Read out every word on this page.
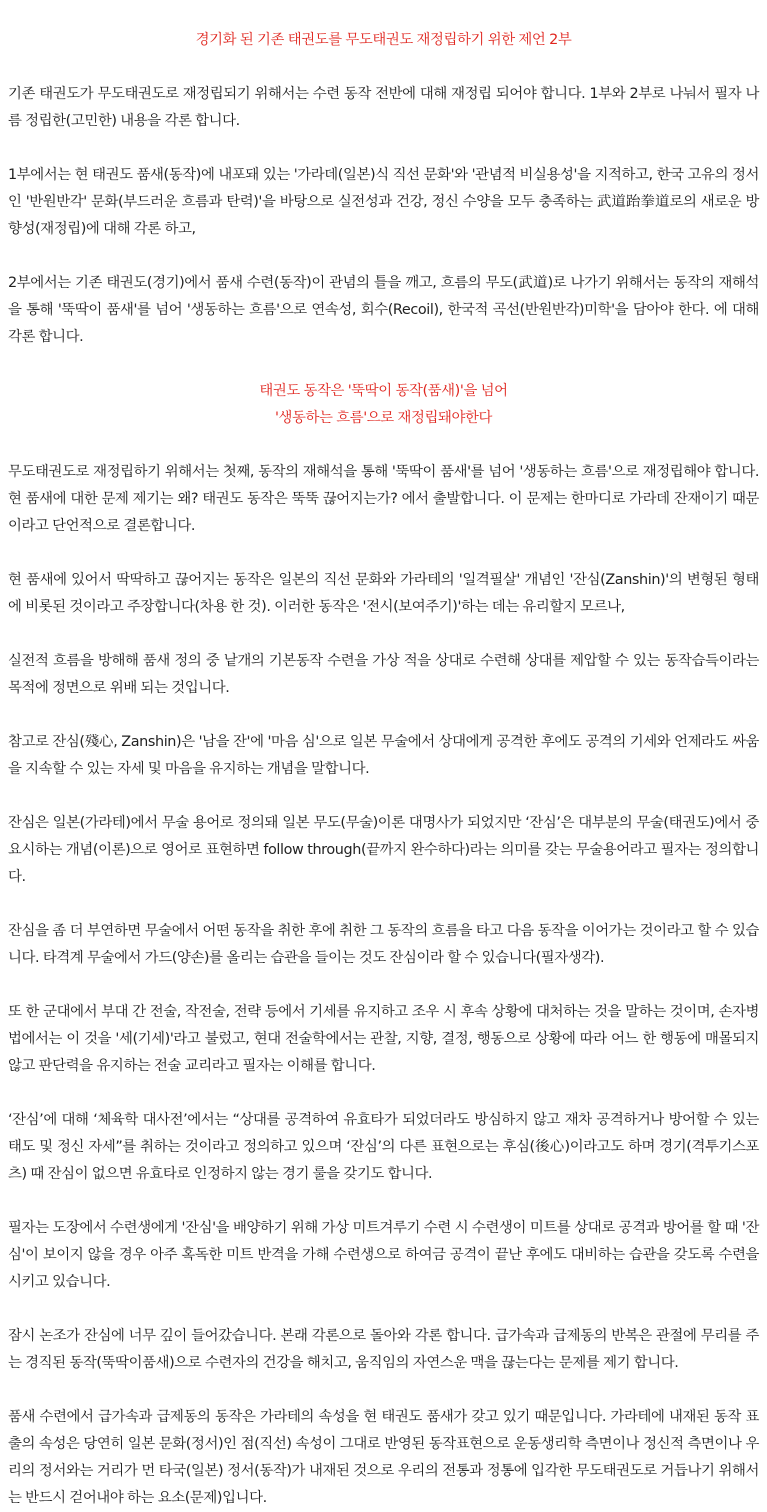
경기화 된 기존 태권도를 무도태권도 재정립하기 위한 제언 2부

기존 태권도가 무도태권도로 재정립되기 위해서는 수련 동작 전반에 대해 재정립 되어야 합니다. 1부와 2부로 나눠서 필자 나름 정립한(고민한) 내용을 각론 합니다.

1부에서는 현 태권도 품새(동작)에 내포돼 있는 '가라데(일본)식 직선 문화'와 '관념적 비실용성'을 지적하고, 한국 고유의 정서인 '반원반각' 문화(부드러운 흐름과 탄력)'을 바탕으로 실전성과 건강, 정신 수양을 모두 충족하는 武道跆拳道로의 새로운 방향성(재정립)에 대해 각론 하고,

2부에서는 기존 태권도(경기)에서 품새 수련(동작)이 관념의 틀을 깨고, 흐름의 무도(武道)로 나가기 위해서는 동작의 재해석을 통해 '뚝딱이 품새'를 넘어 '생동하는 흐름'으로 연속성, 회수(Recoil), 한국적 곡선(반원반각)미학'을 담아야 한다. 에 대해 각론 합니다.

태권도 동작은 '뚝딱이 동작(품새)'을 넘어
'생동하는 흐름'으로 재정립돼야한다

무도태권도로 재정립하기 위해서는 첫째, 동작의 재해석을 통해 '뚝딱이 품새'를 넘어 '생동하는 흐름'으로 재정립해야 합니다. 현 품새에 대한 문제 제기는 왜? 태권도 동작은 뚝뚝 끊어지는가? 에서 출발합니다. 이 문제는 한마디로 가라데 잔재이기 때문이라고 단언적으로 결론합니다.

현 품새에 있어서 딱딱하고 끊어지는 동작은 일본의 직선 문화와 가라테의 '일격필살' 개념인 '잔심(Zanshin)'의 변형된 형태에 비롯된 것이라고 주장합니다(차용 한 것). 이러한 동작은 '전시(보여주기)'하는 데는 유리할지 모르나,

실전적 흐름을 방해해 품새 정의 중 낱개의 기본동작 수련을 가상 적을 상대로 수련해 상대를 제압할 수 있는 동작습득이라는 목적에 정면으로 위배 되는 것입니다.

참고로 잔심(殘心, Zanshin)은 '남을 잔'에 '마음 심'으로 일본 무술에서 상대에게 공격한 후에도 공격의 기세와 언제라도 싸움을 지속할 수 있는 자세 및 마음을 유지하는 개념을 말합니다.

잔심은 일본(가라테)에서 무술 용어로 정의돼 일본 무도(무술)이론 대명사가 되었지만 ‘잔심’은 대부분의 무술(태권도)에서 중요시하는 개념(이론)으로 영어로 표현하면 follow through(끝까지 완수하다)라는 의미를 갖는 무술용어라고 필자는 정의합니다.

잔심을 좀 더 부연하면 무술에서 어떤 동작을 취한 후에 취한 그 동작의 흐름을 타고 다음 동작을 이어가는 것이라고 할 수 있습니다. 타격계 무술에서 가드(양손)를 올리는 습관을 들이는 것도 잔심이라 할 수 있습니다(필자생각).

또 한 군대에서 부대 간 전술, 작전술, 전략 등에서 기세를 유지하고 조우 시 후속 상황에 대처하는 것을 말하는 것이며, 손자병법에서는 이 것을 '세(기세)'라고 불렀고, 현대 전술학에서는 관찰, 지향, 결정, 행동으로 상황에 따라 어느 한 행동에 매몰되지 않고 판단력을 유지하는 전술 교리라고 필자는 이해를 합니다.

‘잔심’에 대해 ‘체육학 대사전’에서는 “상대를 공격하여 유효타가 되었더라도 방심하지 않고 재차 공격하거나 방어할 수 있는 태도 및 정신 자세”를 취하는 것이라고 정의하고 있으며 ‘잔심’의 다른 표현으로는 후심(後心)이라고도 하며 경기(격투기스포츠) 때 잔심이 없으면 유효타로 인정하지 않는 경기 룰을 갖기도 합니다.

필자는 도장에서 수련생에게 '잔심'을 배양하기 위해 가상 미트겨루기 수련 시 수련생이 미트를 상대로 공격과 방어를 할 때 '잔심'이 보이지 않을 경우 아주 혹독한 미트 반격을 가해 수련생으로 하여금 공격이 끝난 후에도 대비하는 습관을 갖도록 수련을 시키고 있습니다.

잠시 논조가 잔심에 너무 깊이 들어갔습니다. 본래 각론으로 돌아와 각론 합니다. 급가속과 급제동의 반복은 관절에 무리를 주는 경직된 동작(뚝딱이품새)으로 수련자의 건강을 해치고, 움직임의 자연스운 맥을 끊는다는 문제를 제기 합니다.

품새 수련에서 급가속과 급제동의 동작은 가라테의 속성을 현 태권도 품새가 갖고 있기 때문입니다. 가라테에 내재된 동작 표출의 속성은 당연히 일본 문화(정서)인 점(직선) 속성이 그대로 반영된 동작표현으로 운동생리학 측면이나 정신적 측면이나 우리의 정서와는 거리가 먼 타국(일본) 정서(동작)가 내재된 것으로 우리의 전통과 정통에 입각한 무도태권도로 거듭나기 위해서는 반드시 걷어내야 하는 요소(문제)입니다.
